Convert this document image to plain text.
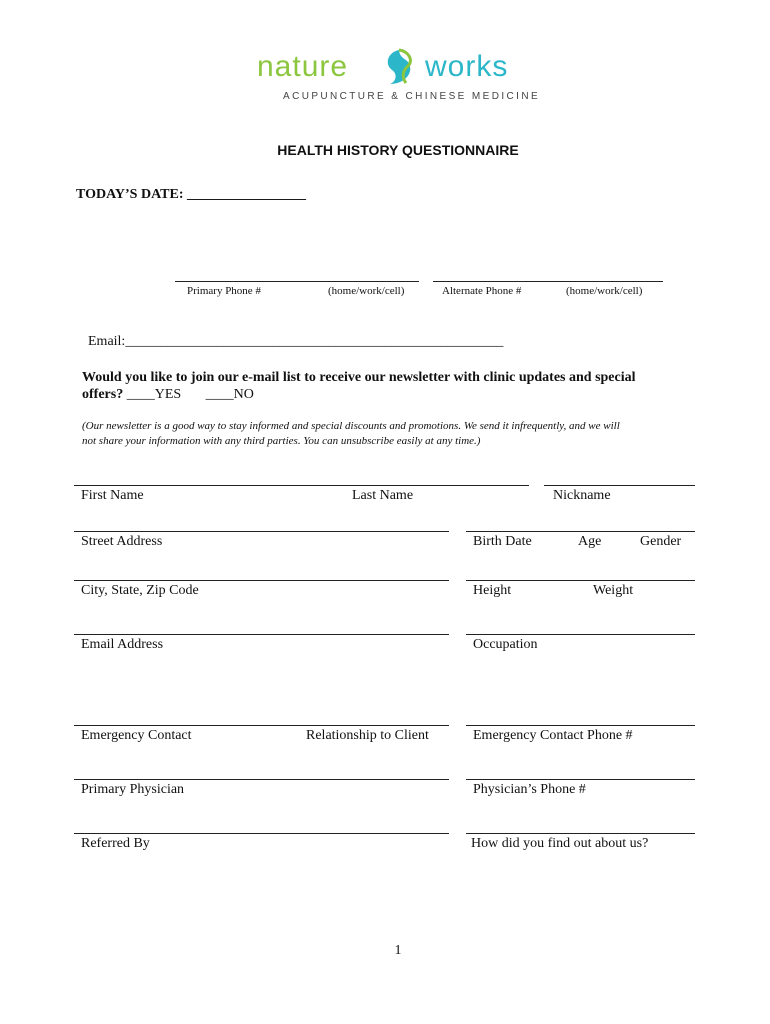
nature	works
ACUPUNCTURE & CHINESE MEDICINE
HEALTH HISTORY QUESTIONNAIRE
TODAY’S DATE: _________________
Primary Phone #	(home/work/cell)	Alternate Phone #	(home/work/cell)
Email:______________________________________________________
Would you like to join our e-mail list to receive our newsletter with clinic updates and special
offers? ____YES ____NO
(Our newsletter is a good way to stay informed and special discounts and promotions. We send it infrequently, and we will
not share your information with any third parties. You can unsubscribe easily at any time.)
First Name	Last Name	Nickname
Street Address	Birth Date	Age	Gender
City, State, Zip Code	Height	Weight
Email Address	Occupation
Emergency Contact	Relationship to Client	Emergency Contact Phone #
Primary Physician	Physician’s Phone #
Referred By	How did you find out about us?
1
